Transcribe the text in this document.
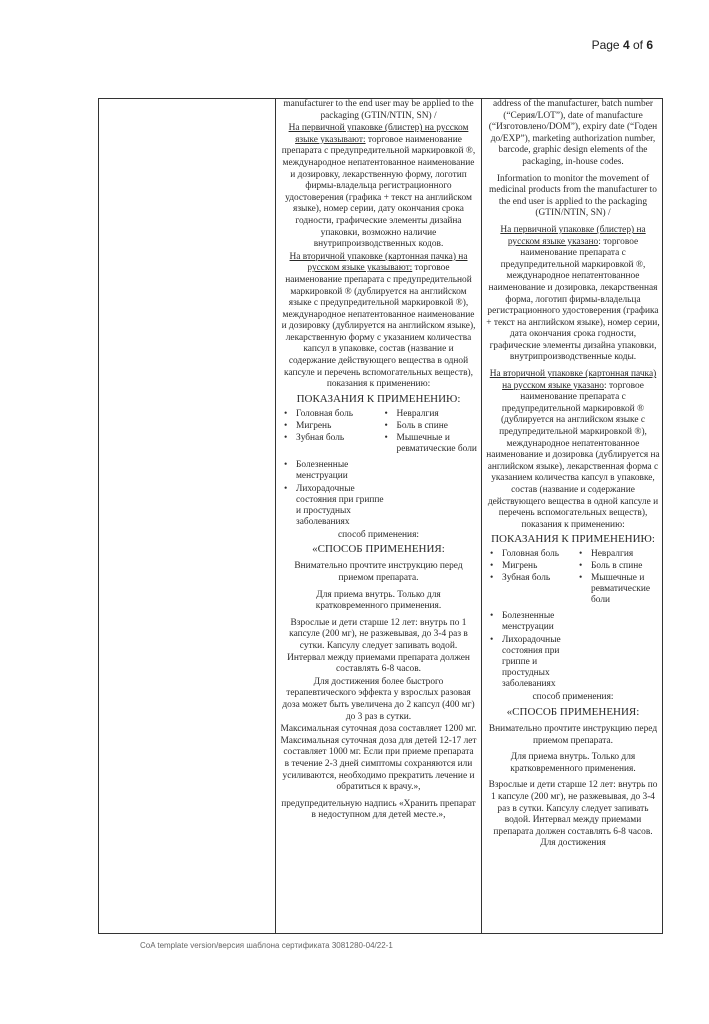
Page 4 of 6

manufacturer to the end user may be applied to the packaging (GTIN/NTIN, SN) /

На первичной упаковке (блистер) на русском языке указывают: торговое наименование препарата с предупредительной маркировкой ®, международное непатентованное наименование и дозировку, лекарственную форму, логотип фирмы-владельца регистрационного удостоверения (графика + текст на английском языке), номер серии, дату окончания срока годности, графические элементы дизайна упаковки, возможно наличие внутрипроизводственных кодов.

На вторичной упаковке (картонная пачка) на русском языке указывают: торговое наименование препарата с предупредительной маркировкой ® (дублируется на английском языке с предупредительной маркировкой ®), международное непатентованное наименование и дозировку (дублируется на английском языке), лекарственную форму с указанием количества капсул в упаковке, состав (название и содержание действующего вещества в одной капсуле и перечень вспомогательных веществ), показания к применению:

ПОКАЗАНИЯ К ПРИМЕНЕНИЮ:

• Головная боль
• Мигрень
• Зубная боль
• Невралгия
• Боль в спине
• Мышечные и ревматические боли
• Болезненные менструации
• Лихорадочные состояния при гриппе и простудных заболеваниях

способ применения:

«СПОСОБ ПРИМЕНЕНИЯ:

Внимательно прочтите инструкцию перед приемом препарата.

Для приема внутрь. Только для кратковременного применения.

Взрослые и дети старше 12 лет: внутрь по 1 капсуле (200 мг), не разжевывая, до 3-4 раз в сутки. Капсулу следует запивать водой. Интервал между приемами препарата должен составлять 6-8 часов.

Для достижения более быстрого терапевтического эффекта у взрослых разовая доза может быть увеличена до 2 капсул (400 мг) до 3 раз в сутки.

Максимальная суточная доза составляет 1200 мг. Максимальная суточная доза для детей 12-17 лет составляет 1000 мг. Если при приеме препарата в течение 2-3 дней симптомы сохраняются или усиливаются, необходимо прекратить лечение и обратиться к врачу.»,

предупредительную надпись «Хранить препарат в недоступном для детей месте.»,

address of the manufacturer, batch number (“Серия/LOT”), date of manufacture (“Изготовлено/DOM”), expiry date (“Годен до/EXP”), marketing authorization number, barcode, graphic design elements of the packaging, in-house codes.

Information to monitor the movement of medicinal products from the manufacturer to the end user is applied to the packaging (GTIN/NTIN, SN) /

На первичной упаковке (блистер) на русском языке указано: торговое наименование препарата с предупредительной маркировкой ®, международное непатентованное наименование и дозировка, лекарственная форма, логотип фирмы-владельца регистрационного удостоверения (графика + текст на английском языке), номер серии, дата окончания срока годности, графические элементы дизайна упаковки, внутрипроизводственные коды.

На вторичной упаковке (картонная пачка) на русском языке указано: торговое наименование препарата с предупредительной маркировкой ® (дублируется на английском языке с предупредительной маркировкой ®), международное непатентованное наименование и дозировка (дублируется на английском языке), лекарственная форма с указанием количества капсул в упаковке, состав (название и содержание действующего вещества в одной капсуле и перечень вспомогательных веществ), показания к применению:

ПОКАЗАНИЯ К ПРИМЕНЕНИЮ:

• Головная боль
• Мигрень
• Зубная боль
• Невралгия
• Боль в спине
• Мышечные и ревматические боли
• Болезненные менструации
• Лихорадочные состояния при гриппе и простудных заболеваниях

способ применения:

«СПОСОБ ПРИМЕНЕНИЯ:

Внимательно прочтите инструкцию перед приемом препарата.

Для приема внутрь. Только для кратковременного применения.

Взрослые и дети старше 12 лет: внутрь по 1 капсуле (200 мг), не разжевывая, до 3-4 раз в сутки. Капсулу следует запивать водой. Интервал между приемами препарата должен составлять 6-8 часов. Для достижения

CoA template version/версия шаблона сертификата 3081280-04/22-1
